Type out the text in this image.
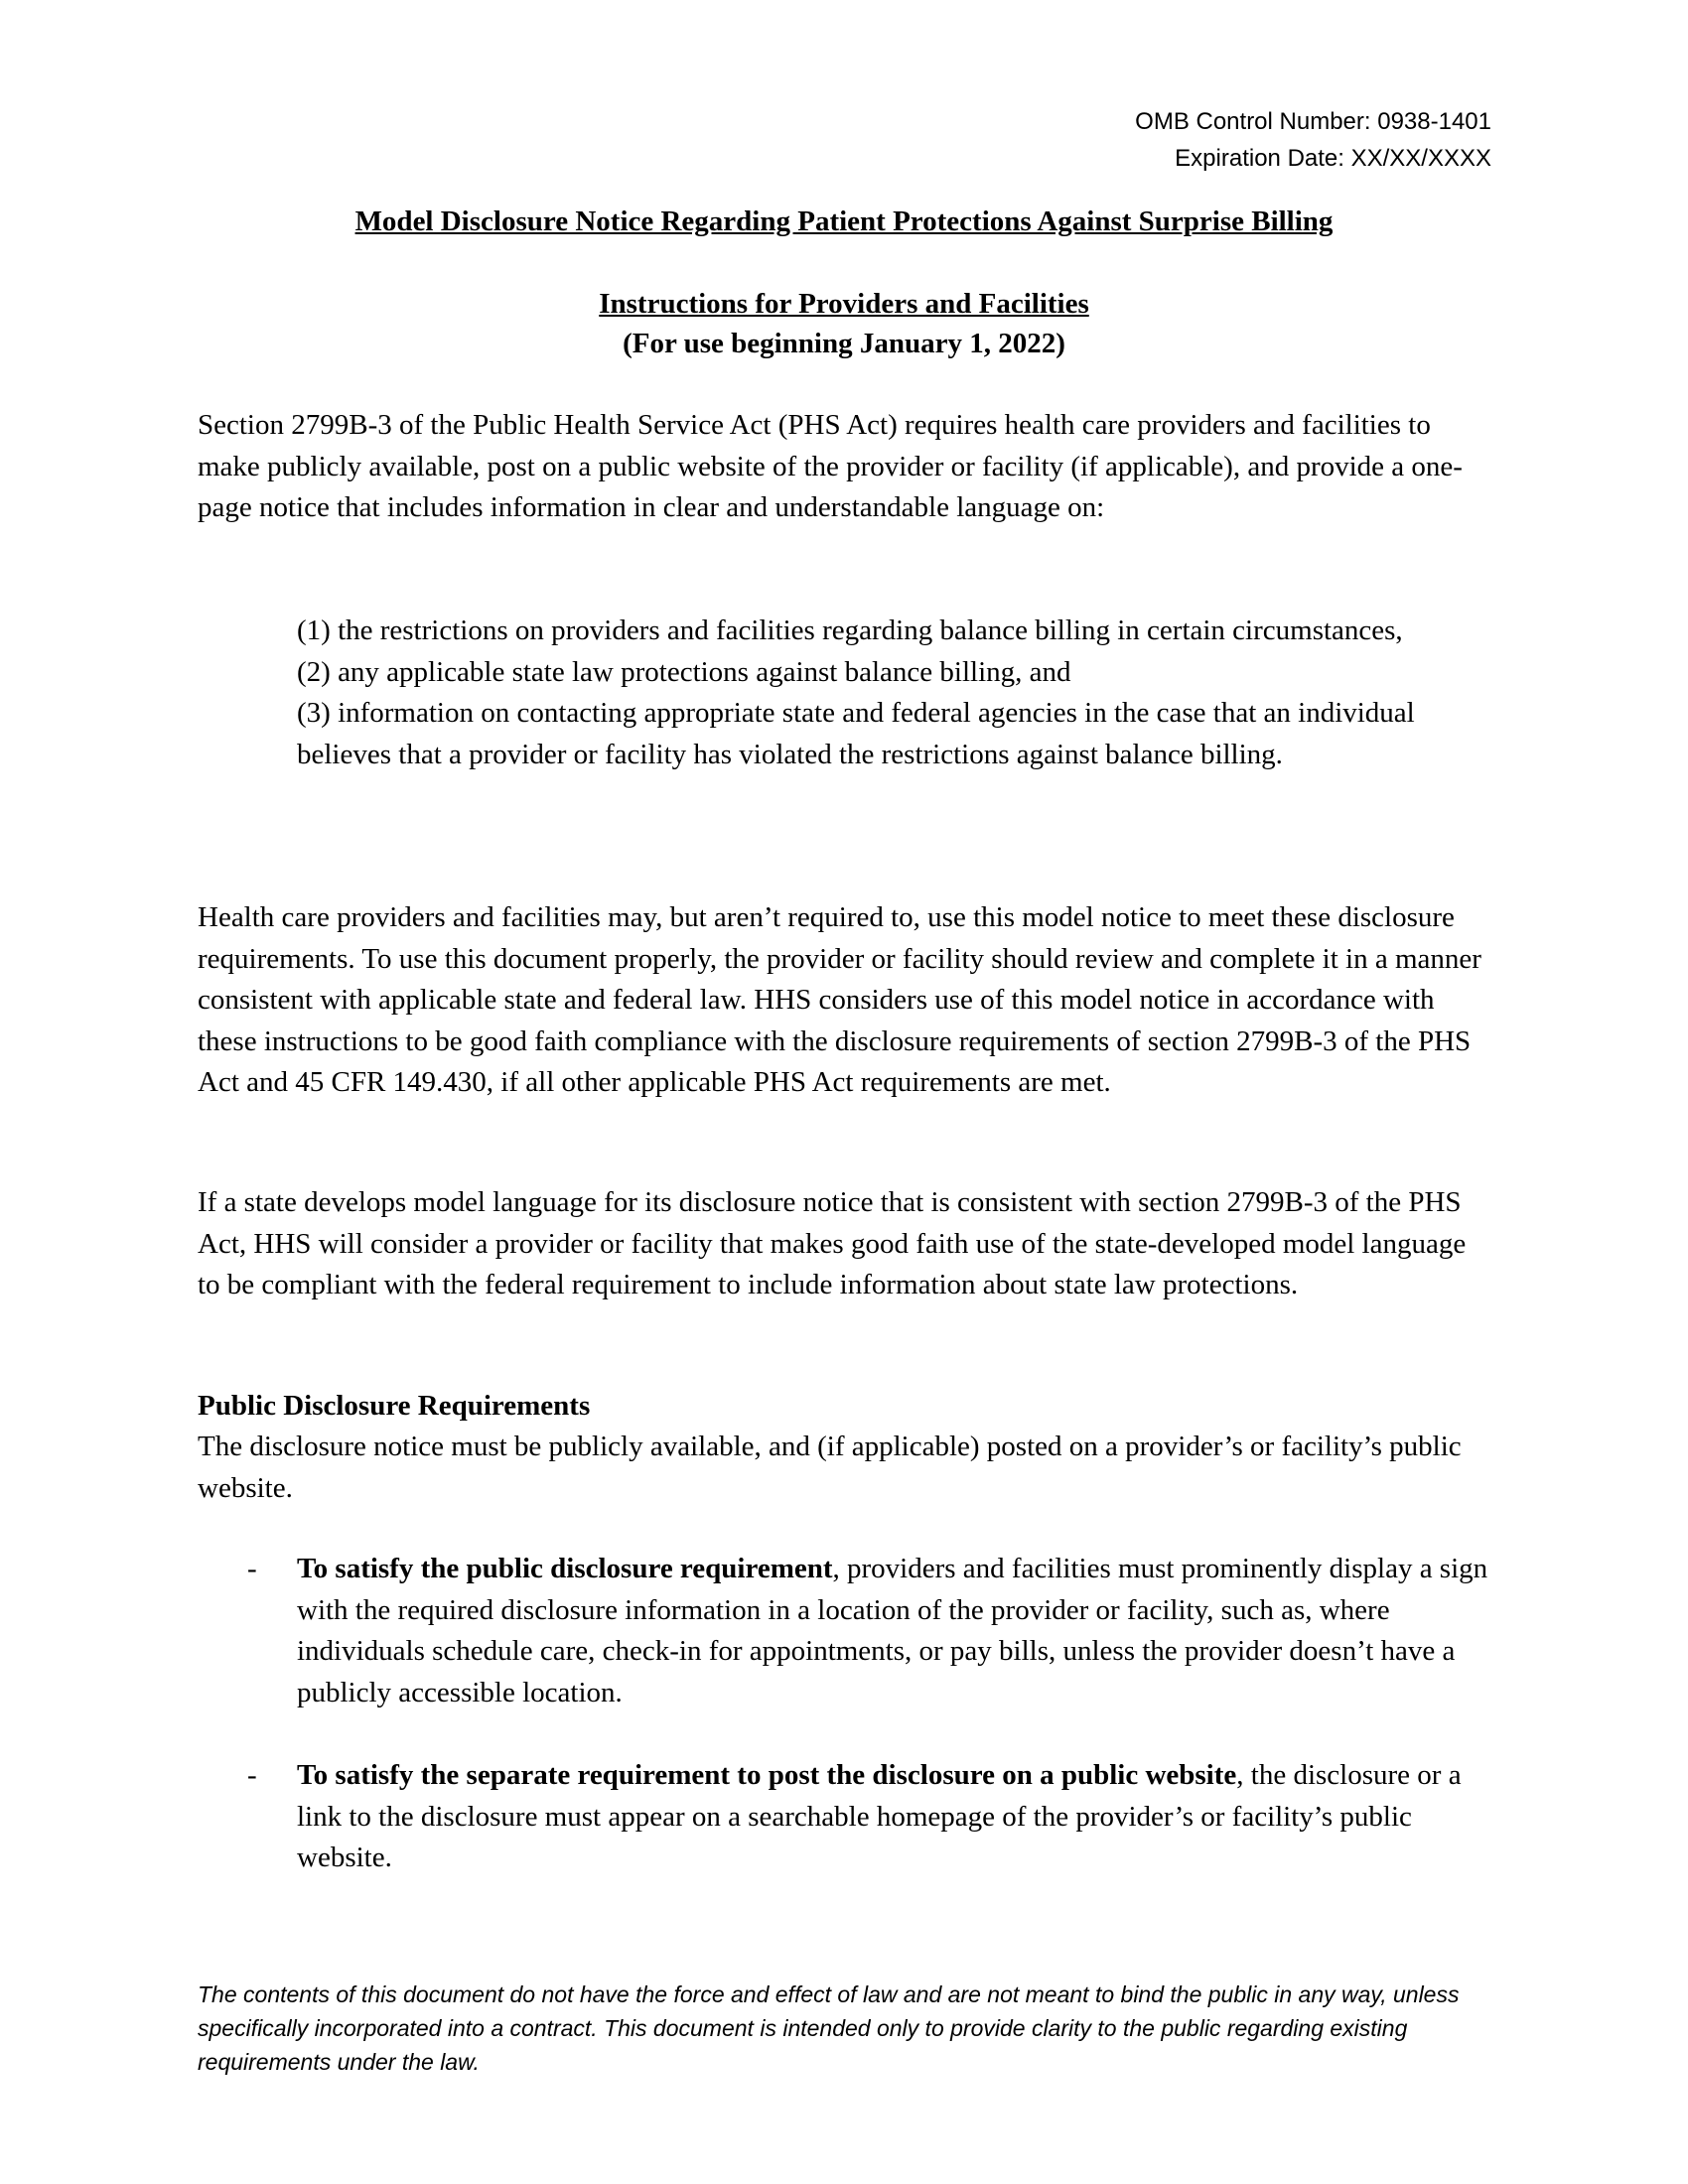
OMB Control Number: 0938-1401
Expiration Date: XX/XX/XXXX
Model Disclosure Notice Regarding Patient Protections Against Surprise Billing
Instructions for Providers and Facilities
(For use beginning January 1, 2022)

Section 2799B-3 of the Public Health Service Act (PHS Act) requires health care providers and facilities to make publicly available, post on a public website of the provider or facility (if applicable), and provide a one-page notice that includes information in clear and understandable language on:

(1) the restrictions on providers and facilities regarding balance billing in certain circumstances,
(2) any applicable state law protections against balance billing, and
(3) information on contacting appropriate state and federal agencies in the case that an individual believes that a provider or facility has violated the restrictions against balance billing.

Health care providers and facilities may, but aren’t required to, use this model notice to meet these disclosure requirements. To use this document properly, the provider or facility should review and complete it in a manner consistent with applicable state and federal law. HHS considers use of this model notice in accordance with these instructions to be good faith compliance with the disclosure requirements of section 2799B-3 of the PHS Act and 45 CFR 149.430, if all other applicable PHS Act requirements are met.

If a state develops model language for its disclosure notice that is consistent with section 2799B-3 of the PHS Act, HHS will consider a provider or facility that makes good faith use of the state-developed model language to be compliant with the federal requirement to include information about state law protections.

Public Disclosure Requirements

The disclosure notice must be publicly available, and (if applicable) posted on a provider’s or facility’s public website.

- To satisfy the public disclosure requirement, providers and facilities must prominently display a sign with the required disclosure information in a location of the provider or facility, such as, where individuals schedule care, check-in for appointments, or pay bills, unless the provider doesn’t have a publicly accessible location.
- To satisfy the separate requirement to post the disclosure on a public website, the disclosure or a link to the disclosure must appear on a searchable homepage of the provider’s or facility’s public website.
The contents of this document do not have the force and effect of law and are not meant to bind the public in any way, unless specifically incorporated into a contract. This document is intended only to provide clarity to the public regarding existing requirements under the law.
